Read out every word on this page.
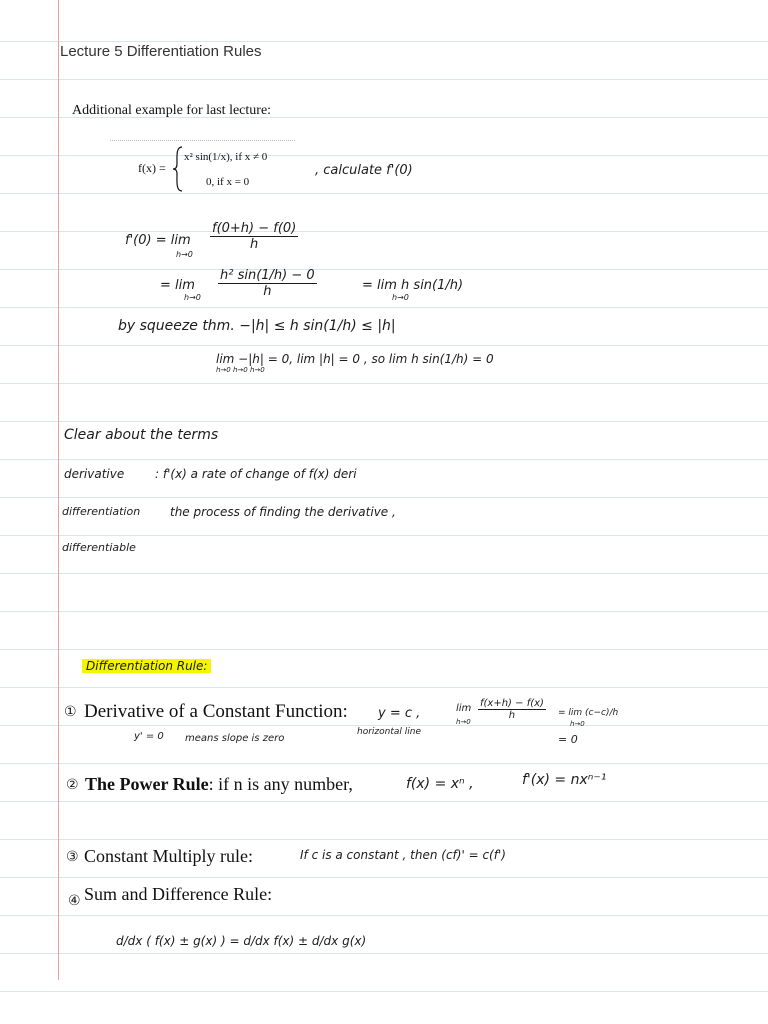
Lecture 5 Differentiation Rules
Additional example for last lecture:
f(x) =
x² sin(1/x), if x ≠ 0
0, if x = 0
, calculate f'(0)
f'(0) = lim
h→0
$\frac{f(0+h) - f(0)}{h}$
= lim
$h\to 0 \frac{\text{h² sin(1/h) − 0}}{h}$	= lim h sin(1/h)
h→0
by squeeze thm. −|h| ≤ h sin(1/h) ≤ |h|
lim −|h| = 0, lim |h| = 0 , so lim h sin(1/h) = 0
h→0 h→0 h→0
Clear about the terms
derivative	: f'(x) a rate of change of f(x) deri
differentiation the process of finding the derivative ,
differentiable
Differentiation Rule:
① Derivative of a Constant Function: y = c ,
y' = 0 means slope is zero
horizontal line
lim
h→0
$\frac{f(x+h) - f(x)}{h} = \lim (c-c)/h$
h→0
= 0
② The Power Rule: if n is any number,	f(x) = xⁿ ,	f'(x) = nxⁿ⁻¹
③ Constant Multiply rule:	If c is a constant , then (cf)' = c(f')
④ Sum and Difference Rule:
d/dx ( f(x) ± g(x) ) = d/dx f(x) ± d/dx g(x)
